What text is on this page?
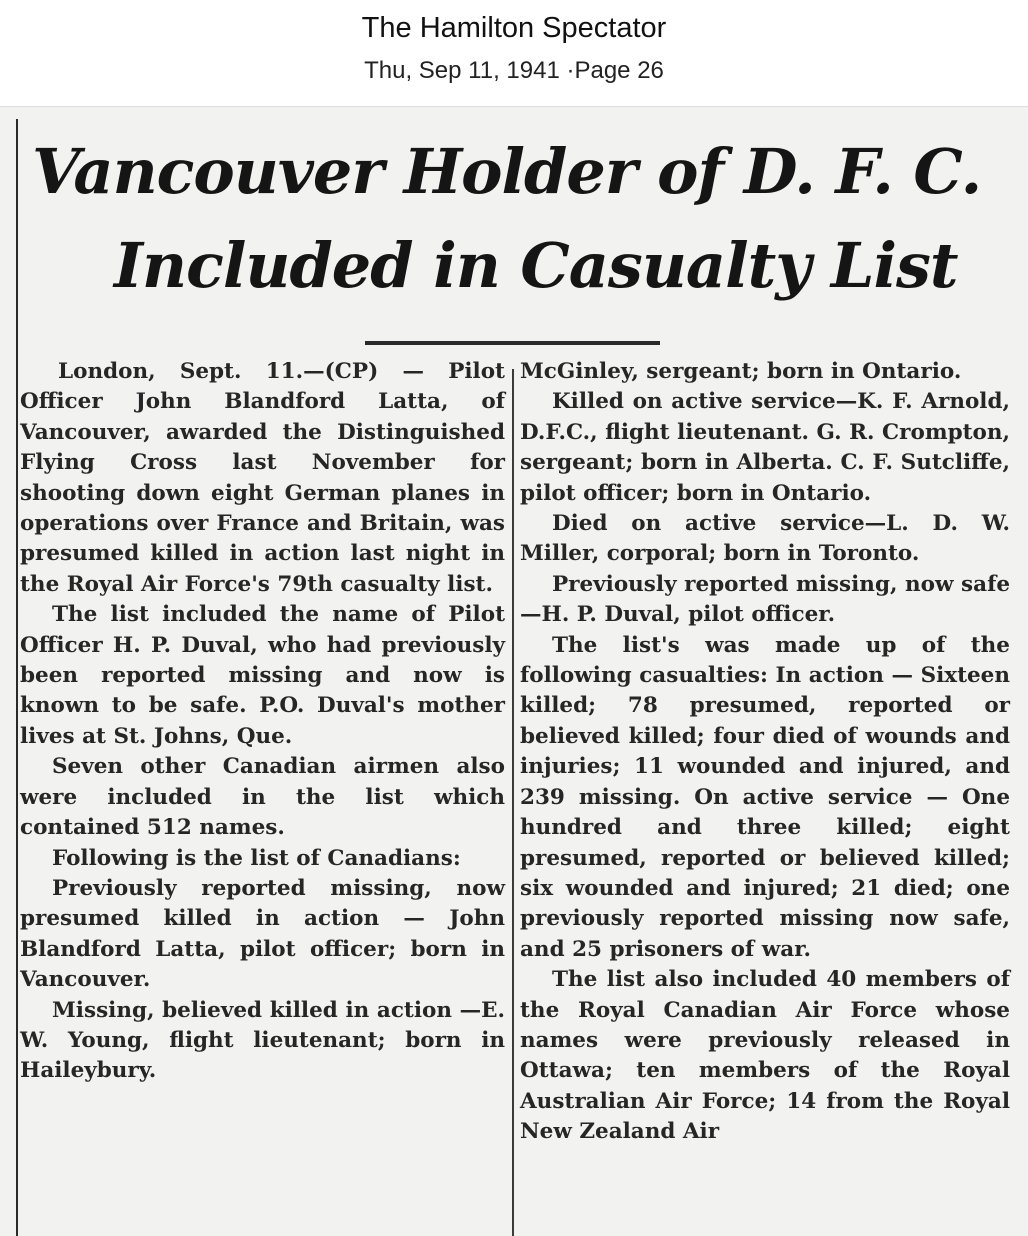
The Hamilton Spectator
Thu, Sep 11, 1941 ·Page 26
Vancouver Holder of D. F. C.
Included in Casualty List

London, Sept. 11.—(CP) — Pilot Officer John Blandford Latta, of Vancouver, awarded the Distinguished Flying Cross last November for shooting down eight German planes in operations over France and Britain, was presumed killed in action last night in the Royal Air Force's 79th casualty list.

The list included the name of Pilot Officer H. P. Duval, who had previously been reported missing and now is known to be safe. P.O. Duval's mother lives at St. Johns, Que.

Seven other Canadian airmen also were included in the list which contained 512 names.

Following is the list of Canadians:

Previously reported missing, now presumed killed in action — John Blandford Latta, pilot officer; born in Vancouver.

Missing, believed killed in action —E. W. Young, flight lieutenant; born in Haileybury.

McGinley, sergeant; born in Ontario.

Killed on active service—K. F. Arnold, D.F.C., flight lieutenant. G. R. Crompton, sergeant; born in Alberta. C. F. Sutcliffe, pilot officer; born in Ontario.

Died on active service—L. D. W. Miller, corporal; born in Toronto.

Previously reported missing, now safe—H. P. Duval, pilot officer.

The list's was made up of the following casualties: In action — Sixteen killed; 78 presumed, reported or believed killed; four died of wounds and injuries; 11 wounded and injured, and 239 missing. On active service — One hundred and three killed; eight presumed, reported or believed killed; six wounded and injured; 21 died; one previously reported missing now safe, and 25 prisoners of war.

The list also included 40 members of the Royal Canadian Air Force whose names were previously released in Ottawa; ten members of the Royal Australian Air Force; 14 from the Royal New Zealand Air
